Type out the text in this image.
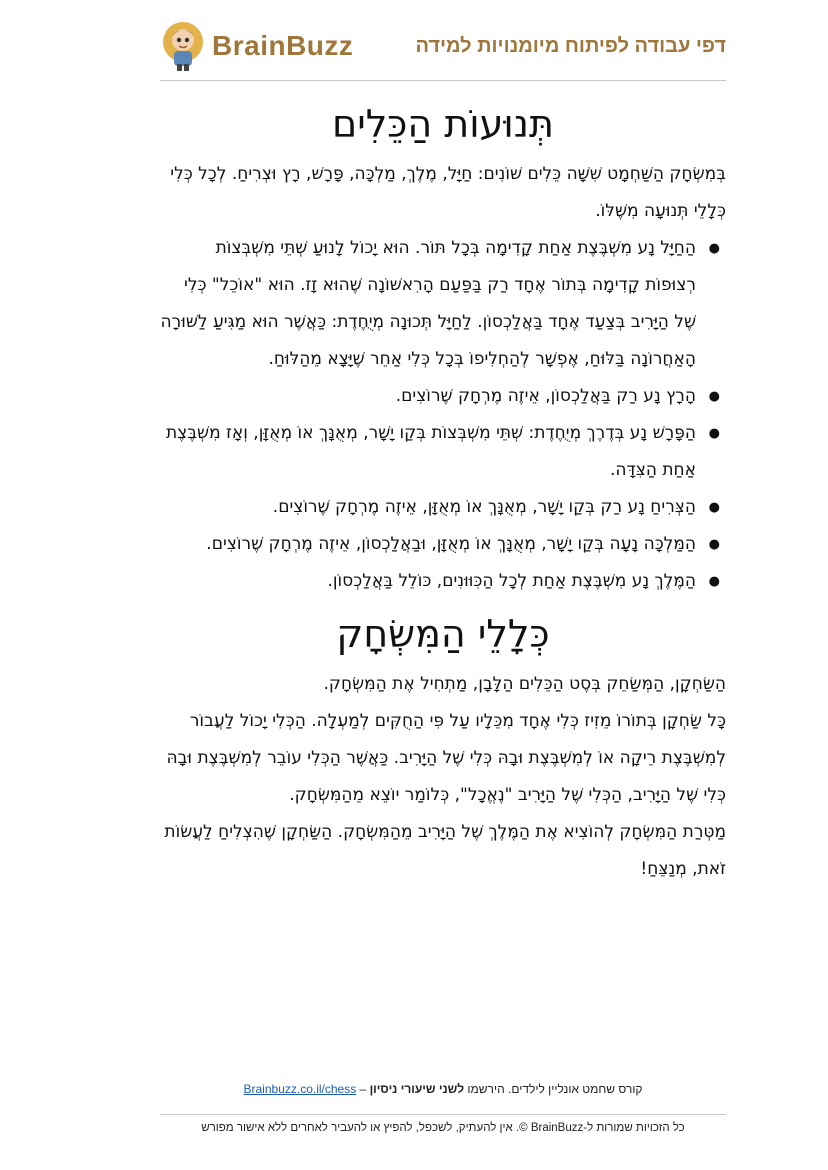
BrainBuzz	דפי עבודה לפיתוח מיומנויות למידה
תְּנוּעוֹת הַכֵּלִים

בְּמִשְׂחָק הַשַּׁחְמָט שִׁשָּׁה כֵּלִים שׁוֹנִים: חַיָּל, מֶלֶךְ, מַלְכָּה, פָּרָשׁ, רָץ וּצְרִיחַ. לְכָל כְּלִי כְּלָלֵי תְּנוּעָה מִשֶּׁלּוֹ.

● הַחַיָּל נָע מִשְׁבֶּצֶת אַחַת קָדִימָה בְּכָל תּוֹר. הוּא יָכוֹל לָנוּעַ שְׁתֵּי מִשְׁבְּצוֹת רְצוּפוֹת קָדִימָה בְּתוֹר אֶחָד רַק בַּפַּעַם הָרִאשׁוֹנָה שֶׁהוּא זָז. הוּא "אוֹכֵל" כְּלִי שֶׁל הַיָּרִיב בְּצַעַד אֶחָד בַּאֲלַכְסוֹן. לַחַיָּל תְּכוּנָה מְיֻחֶדֶת: כַּאֲשֶׁר הוּא מַגִּיעַ לַשּׁוּרָה הָאַחֲרוֹנָה בַּלּוּחַ, אֶפְשָׁר לְהַחְלִיפוֹ בְּכָל כְּלִי אַחֵר שֶׁיָּצָא מֵהַלּוּחַ.
● הָרָץ נָע רַק בַּאֲלַכְסוֹן, אֵיזֶה מֶרְחָק שֶׁרוֹצִים.
● הַפָּרָשׁ נָע בְּדֶרֶךְ מְיֻחֶדֶת: שְׁתֵּי מִשְׁבְּצוֹת בְּקַו יָשָׁר, מְאֻנָּךְ אוֹ מְאֻזָּן, וְאָז מִשְׁבֶּצֶת אַחַת הַצִּדָּה.
● הַצְּרִיחַ נָע רַק בְּקַו יָשָׁר, מְאֻנָּךְ אוֹ מְאֻזָּן, אֵיזֶה מֶרְחָק שֶׁרוֹצִים.
● הַמַּלְכָּה נָעָה בְּקַו יָשָׁר, מְאֻנָּךְ אוֹ מְאֻזָּן, וּבַאֲלַכְסוֹן, אֵיזֶה מֶרְחָק שֶׁרוֹצִים.
● הַמֶּלֶךְ נָע מִשְׁבֶּצֶת אַחַת לְכָל הַכִּוּוּנִים, כּוֹלֵל בַּאֲלַכְסוֹן.
כְּלָלֵי הַמִּשְׂחָק

הַשַּׂחְקָן, הַמְּשַׂחֵק בְּסֶט הַכֵּלִים הַלָּבָן, מַתְחִיל אֶת הַמִּשְׂחָק.

כָּל שַׂחְקָן בְּתוֹרוֹ מֵזִיז כְּלִי אֶחָד מִכֵּלָיו עַל פִּי הַחֻקִּים לְמַעְלָה. הַכְּלִי יָכוֹל לַעֲבוֹר לְמִשְׁבֶּצֶת רֵיקָה אוֹ לְמִשְׁבֶּצֶת וּבָהּ כְּלִי שֶׁל הַיָּרִיב. כַּאֲשֶׁר הַכְּלִי עוֹבֵר לְמִשְׁבֶּצֶת וּבָהּ כְּלִי שֶׁל הַיָּרִיב, הַכְּלִי שֶׁל הַיָּרִיב "נֶאֱכָל", כְּלוֹמַר יוֹצֵא מֵהַמִּשְׂחָק.

מַטְּרַת הַמִּשְׂחָק לְהוֹצִיא אֶת הַמֶּלֶךְ שֶׁל הַיָּרִיב מֵהַמִּשְׂחָק. הַשַּׂחְקָן שֶׁהִצְלִיחַ לַעֲשׂוֹת זֹאת, מְנַצֵּחַ!

קורס שחמט אונליין לילדים. הירשמו לשני שיעורי ניסיון – Brainbuzz.co.il/chess
כל הזכויות שמורות ל-BrainBuzz ©. אין להעתיק, לשכפל, להפיץ או להעביר לאחרים ללא אישור מפורש
